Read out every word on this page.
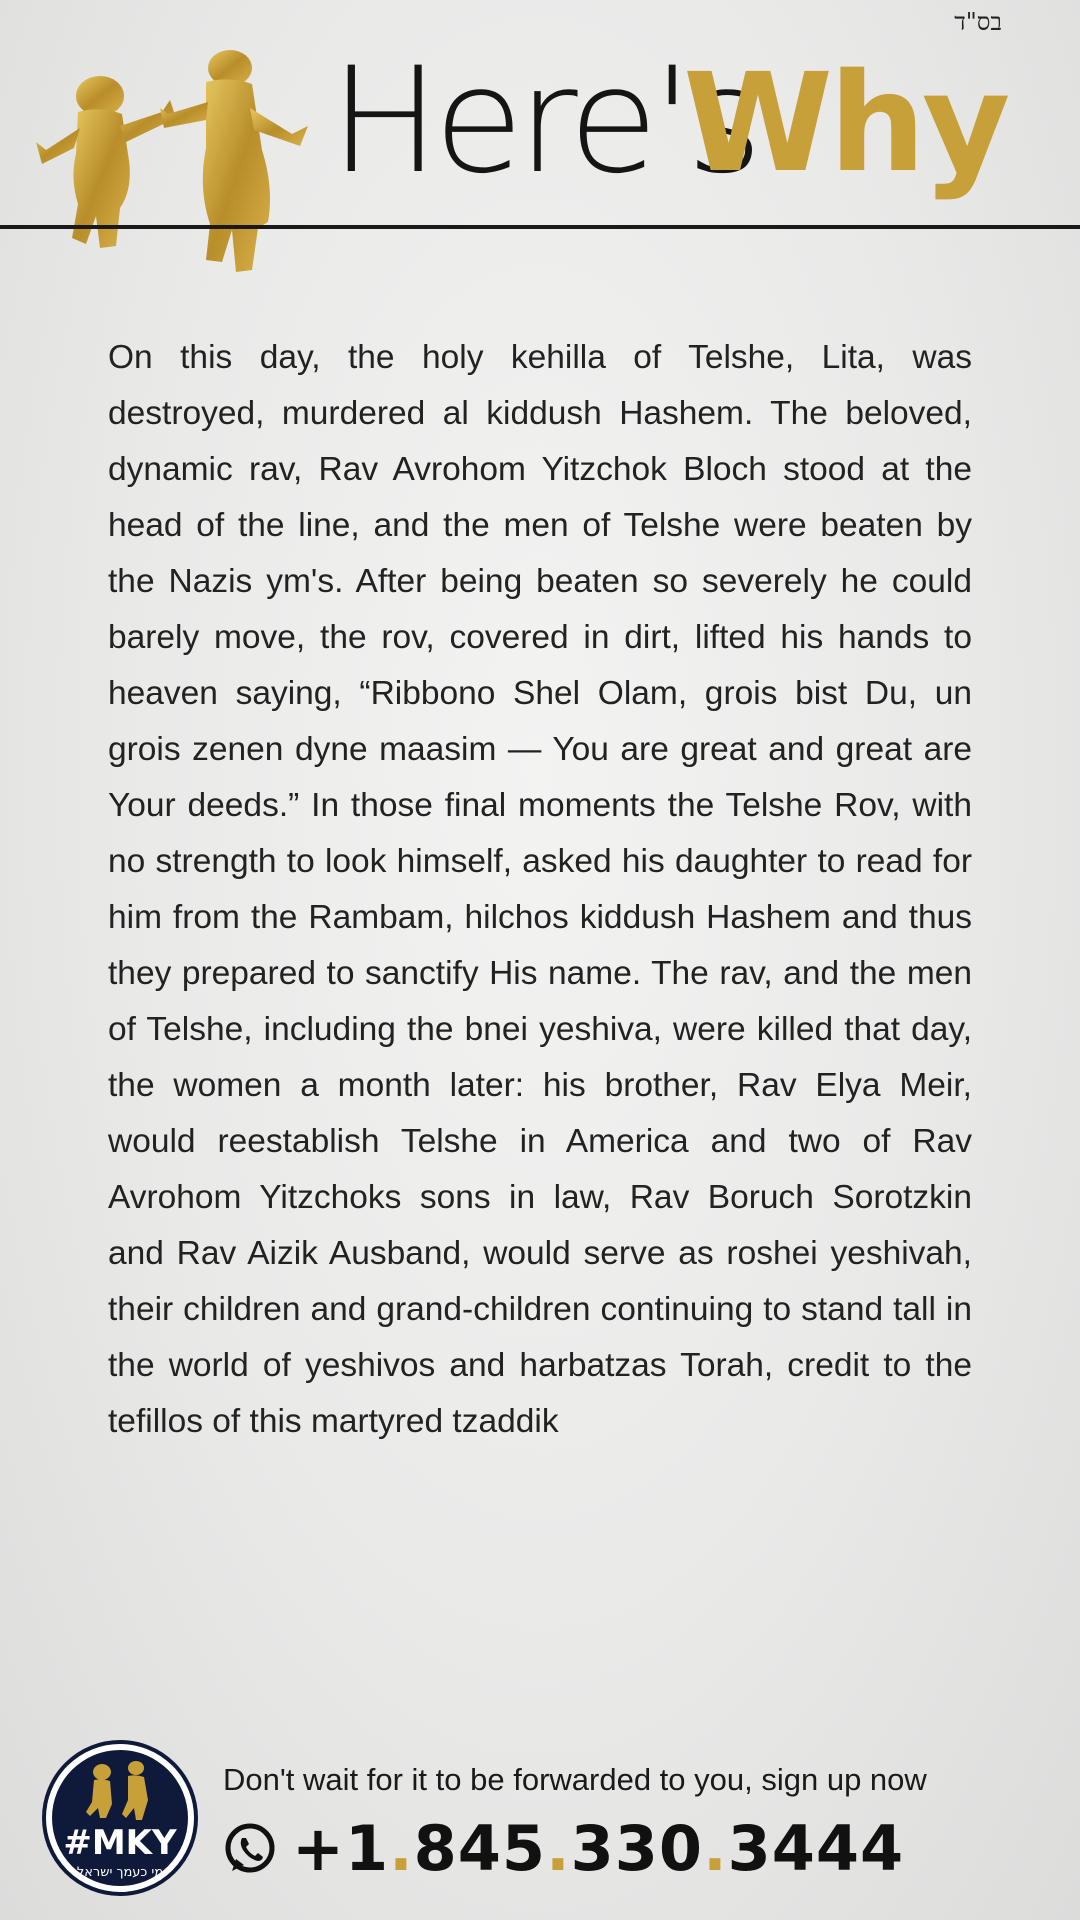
בס"ד
Here's
Why

On this day, the holy kehilla of Telshe, Lita, was destroyed, murdered al kiddush Hashem. The beloved, dynamic rav, Rav Avrohom Yitzchok Bloch stood at the head of the line, and the men of Telshe were beaten by the Nazis ym's. After being beaten so severely he could barely move, the rov, covered in dirt, lifted his hands to heaven saying, “Ribbono Shel Olam, grois bist Du, un grois zenen dyne maasim — You are great and great are Your deeds.” In those final moments the Telshe Rov, with no strength to look himself, asked his daughter to read for him from the Rambam, hilchos kiddush Hashem and thus they prepared to sanctify His name. The rav, and the men of Telshe, including the bnei yeshiva, were killed that day, the women a month later: his brother, Rav Elya Meir, would reestablish Telshe in America and two of Rav Avrohom Yitzchoks sons in law, Rav Boruch Sorotzkin and Rav Aizik Ausband, would serve as roshei yeshivah, their children and grand-children continuing to stand tall in the world of yeshivos and harbatzas Torah, credit to the tefillos of this martyred tzaddik

#MKY
מי כעמך ישראל
Don't wait for it to be forwarded to you, sign up now
+1.845.330.3444
